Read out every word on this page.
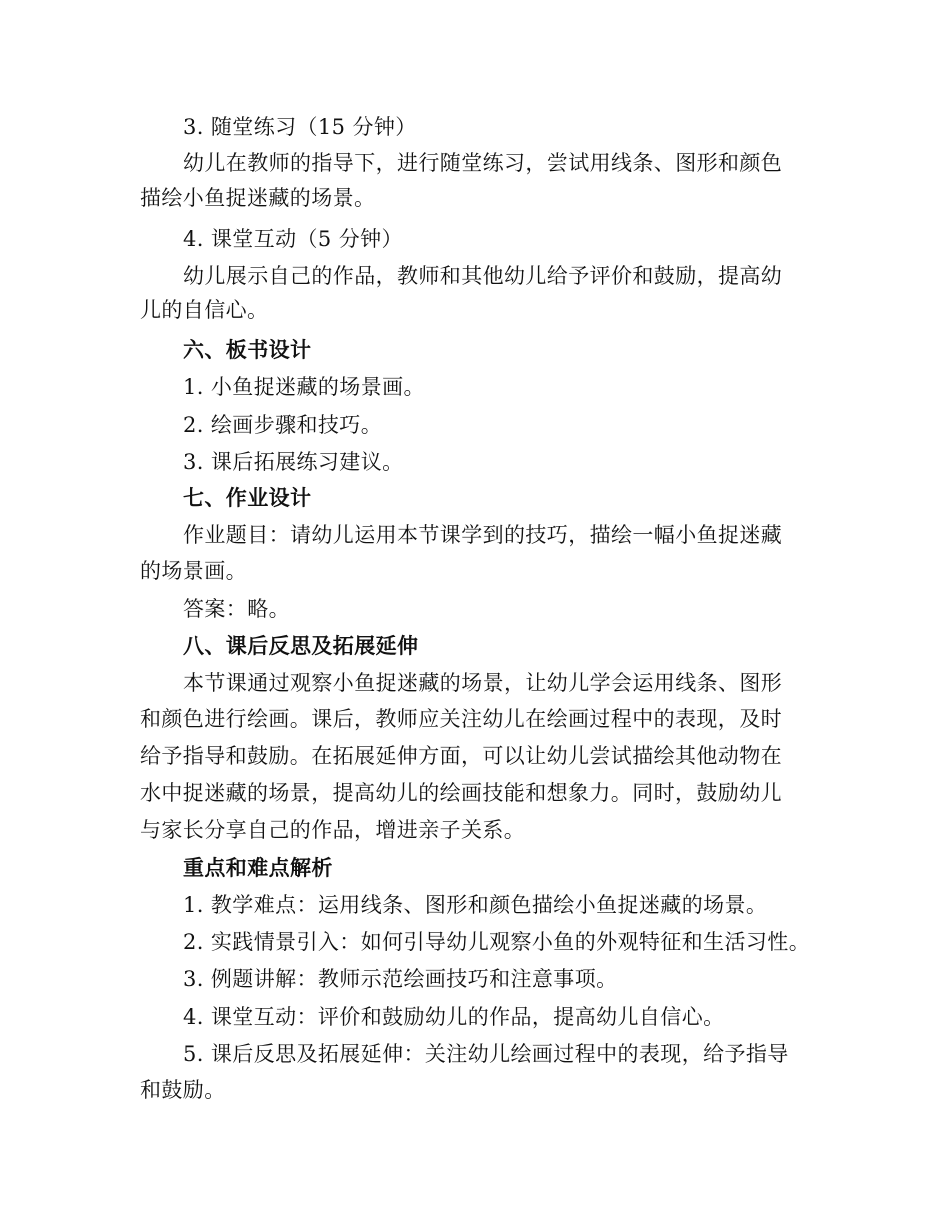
3. 随堂练习（15 分钟）
幼儿在教师的指导下，进行随堂练习，尝试用线条、图形和颜色
描绘小鱼捉迷藏的场景。
4. 课堂互动（5 分钟）
幼儿展示自己的作品，教师和其他幼儿给予评价和鼓励，提高幼
儿的自信心。
六、板书设计
1. 小鱼捉迷藏的场景画。
2. 绘画步骤和技巧。
3. 课后拓展练习建议。
七、作业设计
作业题目：请幼儿运用本节课学到的技巧，描绘一幅小鱼捉迷藏
的场景画。
答案：略。
八、课后反思及拓展延伸
本节课通过观察小鱼捉迷藏的场景，让幼儿学会运用线条、图形
和颜色进行绘画。课后，教师应关注幼儿在绘画过程中的表现，及时
给予指导和鼓励。在拓展延伸方面，可以让幼儿尝试描绘其他动物在
水中捉迷藏的场景，提高幼儿的绘画技能和想象力。同时，鼓励幼儿
与家长分享自己的作品，增进亲子关系。
重点和难点解析
1. 教学难点：运用线条、图形和颜色描绘小鱼捉迷藏的场景。
2. 实践情景引入：如何引导幼儿观察小鱼的外观特征和生活习性。
3. 例题讲解：教师示范绘画技巧和注意事项。
4. 课堂互动：评价和鼓励幼儿的作品，提高幼儿自信心。
5. 课后反思及拓展延伸：关注幼儿绘画过程中的表现，给予指导
和鼓励。
